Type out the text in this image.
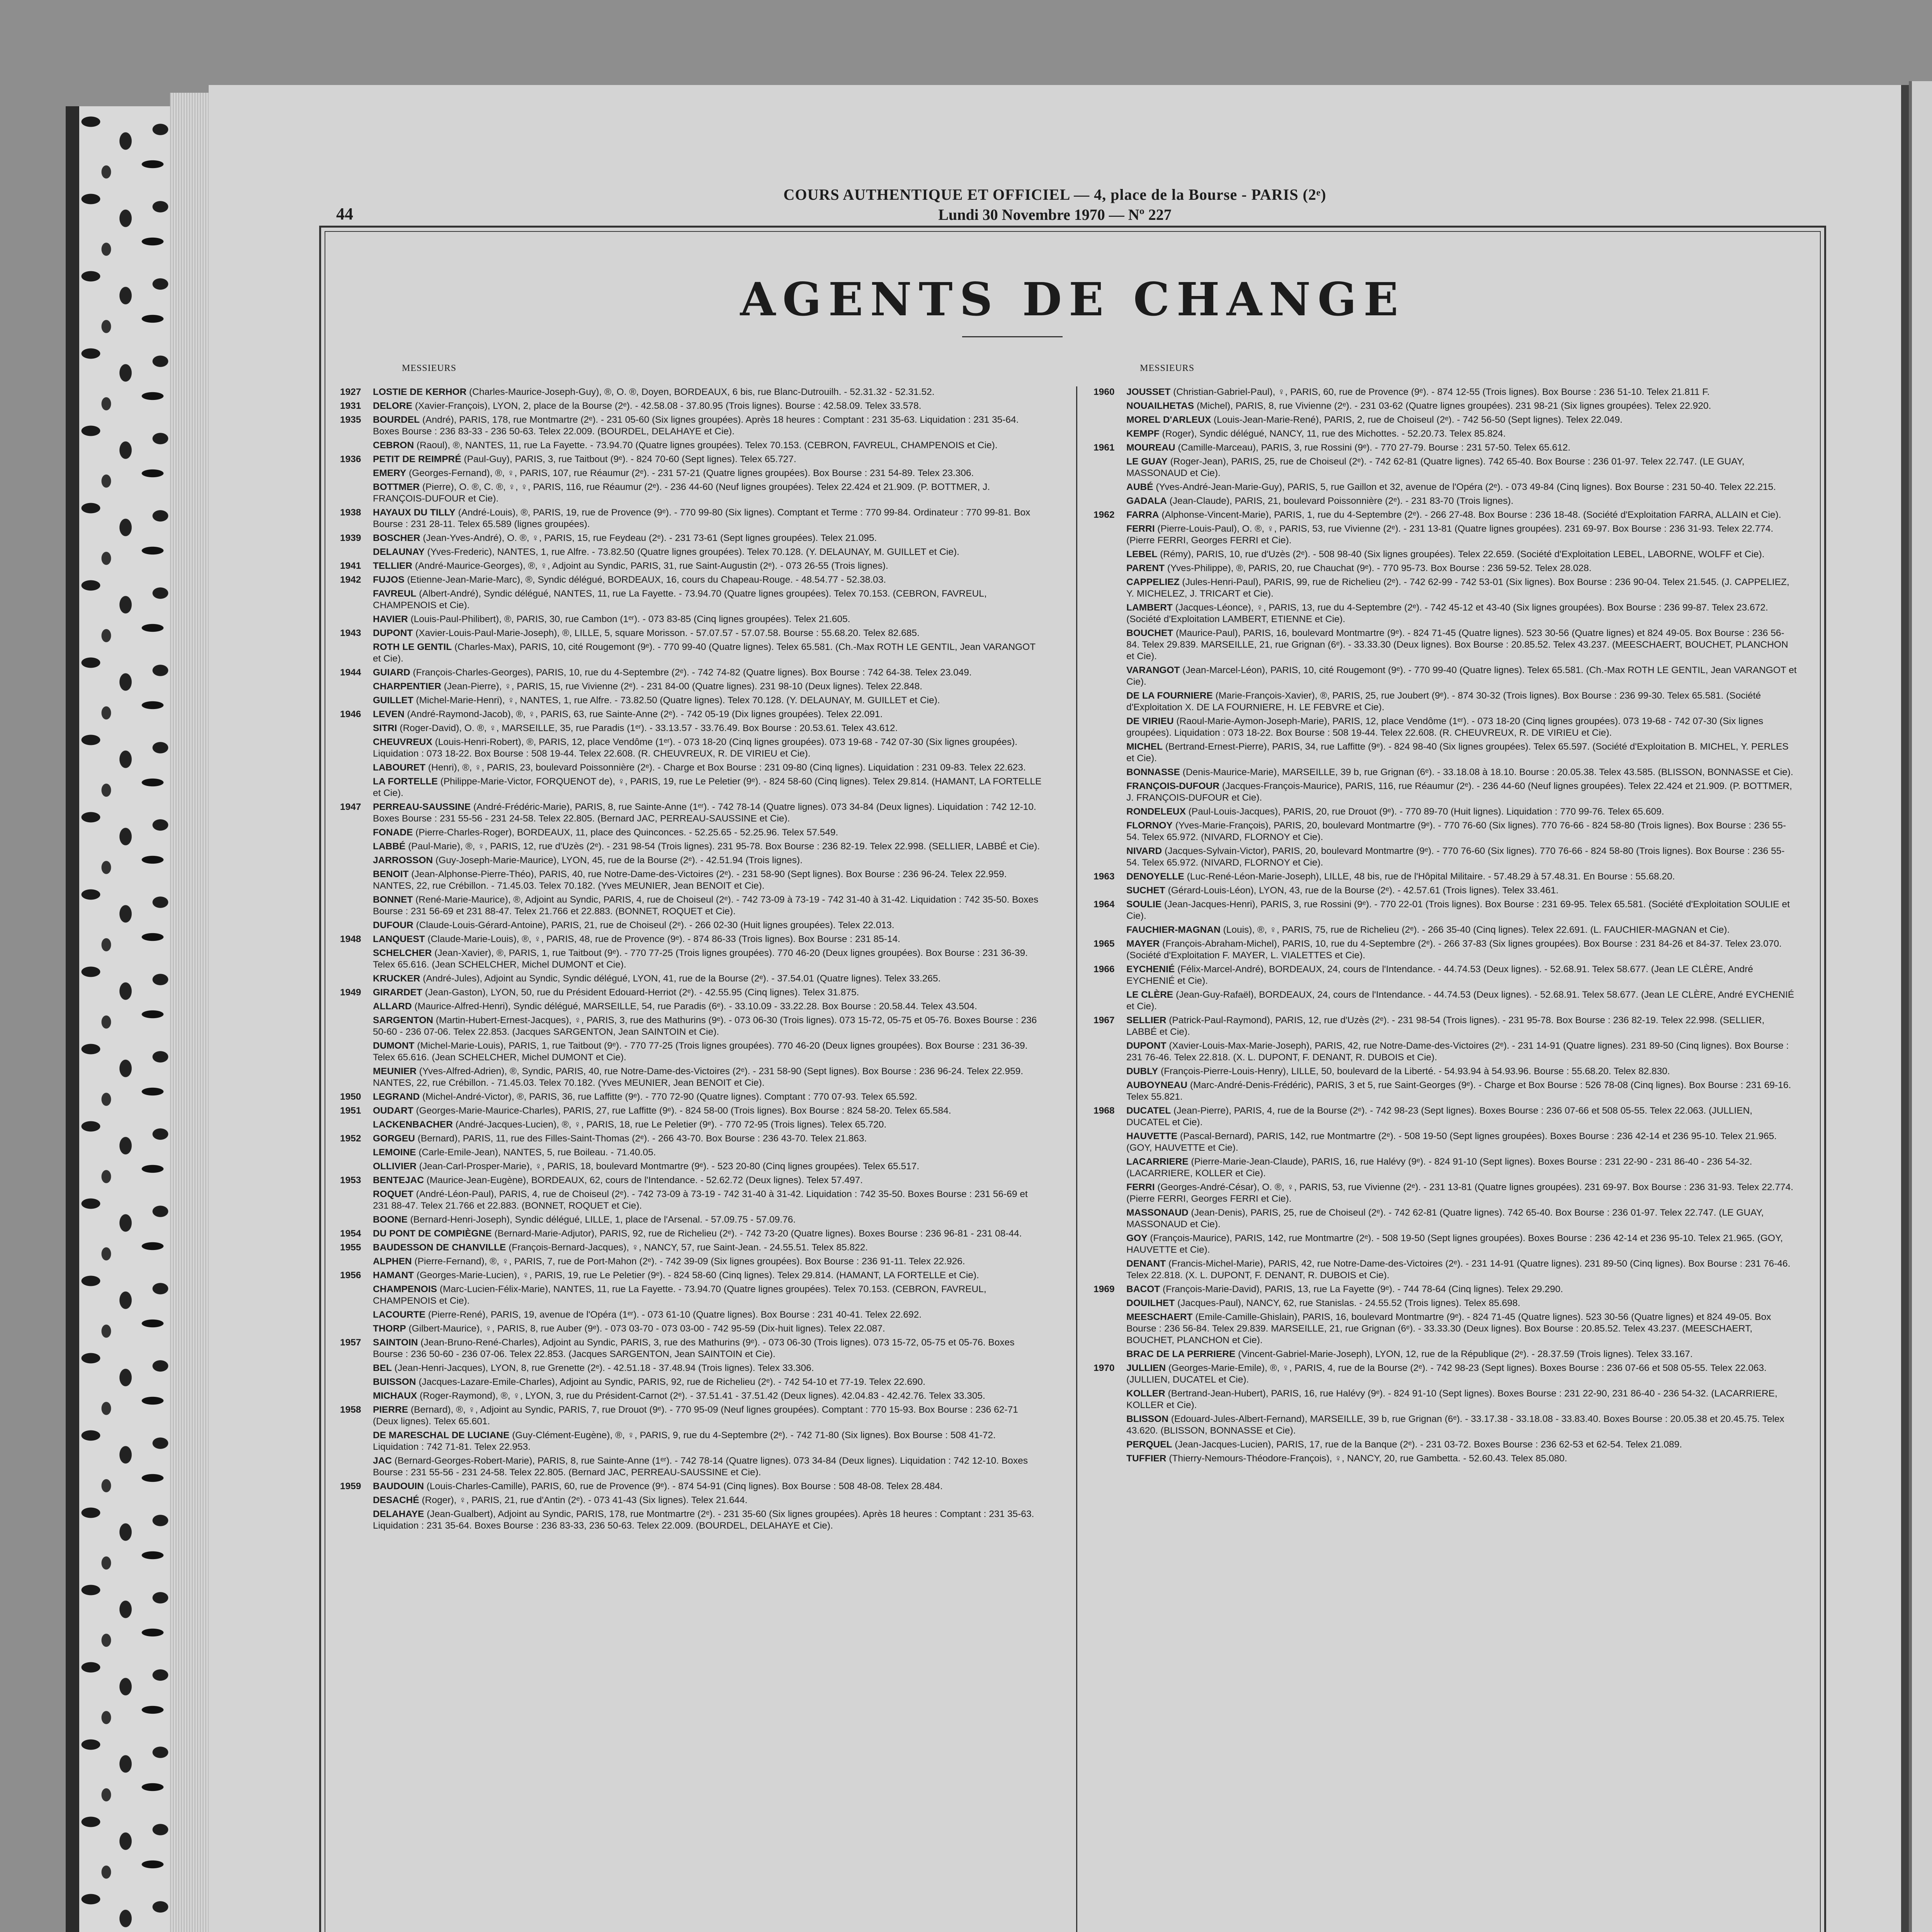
COURS AUTHENTIQUE ET OFFICIEL — 4, place de la Bourse - PARIS (2ᵉ)
Lundi 30 Novembre 1970 — Nº 227
44
AGENTS DE CHANGE
MESSIEURS	MESSIEURS
1927 LOSTIE DE KERHOR (Charles-Maurice-Joseph-Guy), ®, O. ®, Doyen, BORDEAUX, 6 bis, rue Blanc-Dutrouilh. - 52.31.32 - 52.31.52.
1931 DELORE (Xavier-François), LYON, 2, place de la Bourse (2ᵉ). - 42.58.08 - 37.80.95 (Trois lignes). Bourse : 42.58.09. Telex 33.578.
1935 BOURDEL (André), PARIS, 178, rue Montmartre (2ᵉ). - 231 05-60 (Six lignes groupées). Après 18 heures : Comptant : 231 35-63. Liquidation : 231 35-64. Boxes Bourse : 236 83-33 - 236 50-63. Telex 22.009. (BOURDEL, DELAHAYE et Cie).
CEBRON (Raoul), ®, NANTES, 11, rue La Fayette. - 73.94.70 (Quatre lignes groupées). Telex 70.153. (CEBRON, FAVREUL, CHAMPENOIS et Cie).
1936 PETIT DE REIMPRÉ (Paul-Guy), PARIS, 3, rue Taitbout (9ᵉ). - 824 70-60 (Sept lignes). Telex 65.727.
EMERY (Georges-Fernand), ®, ♀, PARIS, 107, rue Réaumur (2ᵉ). - 231 57-21 (Quatre lignes groupées). Box Bourse : 231 54-89. Telex 23.306.
BOTTMER (Pierre), O. ®, C. ®, ♀, ♀, PARIS, 116, rue Réaumur (2ᵉ). - 236 44-60 (Neuf lignes groupées). Telex 22.424 et 21.909. (P. BOTTMER, J. FRANÇOIS-DUFOUR et Cie).
1938 HAYAUX DU TILLY (André-Louis), ®, PARIS, 19, rue de Provence (9ᵉ). - 770 99-80 (Six lignes). Comptant et Terme : 770 99-84. Ordinateur : 770 99-81. Box Bourse : 231 28-11. Telex 65.589 (lignes groupées).
1939 BOSCHER (Jean-Yves-André), O. ®, ♀, PARIS, 15, rue Feydeau (2ᵉ). - 231 73-61 (Sept lignes groupées). Telex 21.095.
DELAUNAY (Yves-Frederic), NANTES, 1, rue Alfre. - 73.82.50 (Quatre lignes groupées). Telex 70.128. (Y. DELAUNAY, M. GUILLET et Cie).
1941 TELLIER (André-Maurice-Georges), ®, ♀, Adjoint au Syndic, PARIS, 31, rue Saint-Augustin (2ᵉ). - 073 26-55 (Trois lignes).
1942 FUJOS (Etienne-Jean-Marie-Marc), ®, Syndic délégué, BORDEAUX, 16, cours du Chapeau-Rouge. - 48.54.77 - 52.38.03.
FAVREUL (Albert-André), Syndic délégué, NANTES, 11, rue La Fayette. - 73.94.70 (Quatre lignes groupées). Telex 70.153. (CEBRON, FAVREUL, CHAMPENOIS et Cie).
HAVIER (Louis-Paul-Philibert), ®, PARIS, 30, rue Cambon (1ᵉʳ). - 073 83-85 (Cinq lignes groupées). Telex 21.605.
1943 DUPONT (Xavier-Louis-Paul-Marie-Joseph), ®, LILLE, 5, square Morisson. - 57.07.57 - 57.07.58. Bourse : 55.68.20. Telex 82.685.
ROTH LE GENTIL (Charles-Max), PARIS, 10, cité Rougemont (9ᵉ). - 770 99-40 (Quatre lignes). Telex 65.581. (Ch.-Max ROTH LE GENTIL, Jean VARANGOT et Cie).
1944 GUIARD (François-Charles-Georges), PARIS, 10, rue du 4-Septembre (2ᵉ). - 742 74-82 (Quatre lignes). Box Bourse : 742 64-38. Telex 23.049.
CHARPENTIER (Jean-Pierre), ♀, PARIS, 15, rue Vivienne (2ᵉ). - 231 84-00 (Quatre lignes). 231 98-10 (Deux lignes). Telex 22.848.
GUILLET (Michel-Marie-Henri), ♀, NANTES, 1, rue Alfre. - 73.82.50 (Quatre lignes). Telex 70.128. (Y. DELAUNAY, M. GUILLET et Cie).
1946 LEVEN (André-Raymond-Jacob), ®, ♀, PARIS, 63, rue Sainte-Anne (2ᵉ). - 742 05-19 (Dix lignes groupées). Telex 22.091.
SITRI (Roger-David), O. ®, ♀, MARSEILLE, 35, rue Paradis (1ᵉʳ). - 33.13.57 - 33.76.49. Box Bourse : 20.53.61. Telex 43.612.
CHEUVREUX (Louis-Henri-Robert), ®, PARIS, 12, place Vendôme (1ᵉʳ). - 073 18-20 (Cinq lignes groupées). 073 19-68 - 742 07-30 (Six lignes groupées). Liquidation : 073 18-22. Box Bourse : 508 19-44. Telex 22.608. (R. CHEUVREUX, R. DE VIRIEU et Cie).
LABOURET (Henri), ®, ♀, PARIS, 23, boulevard Poissonnière (2ᵉ). - Charge et Box Bourse : 231 09-80 (Cinq lignes). Liquidation : 231 09-83. Telex 22.623.
LA FORTELLE (Philippe-Marie-Victor, FORQUENOT de), ♀, PARIS, 19, rue Le Peletier (9ᵉ). - 824 58-60 (Cinq lignes). Telex 29.814. (HAMANT, LA FORTELLE et Cie).
1947 PERREAU-SAUSSINE (André-Frédéric-Marie), PARIS, 8, rue Sainte-Anne (1ᵉʳ). - 742 78-14 (Quatre lignes). 073 34-84 (Deux lignes). Liquidation : 742 12-10. Boxes Bourse : 231 55-56 - 231 24-58. Telex 22.805. (Bernard JAC, PERREAU-SAUSSINE et Cie).
FONADE (Pierre-Charles-Roger), BORDEAUX, 11, place des Quinconces. - 52.25.65 - 52.25.96. Telex 57.549.
LABBÉ (Paul-Marie), ®, ♀, PARIS, 12, rue d'Uzès (2ᵉ). - 231 98-54 (Trois lignes). 231 95-78. Box Bourse : 236 82-19. Telex 22.998. (SELLIER, LABBÉ et Cie).
JARROSSON (Guy-Joseph-Marie-Maurice), LYON, 45, rue de la Bourse (2ᵉ). - 42.51.94 (Trois lignes).
BENOIT (Jean-Alphonse-Pierre-Théo), PARIS, 40, rue Notre-Dame-des-Victoires (2ᵉ). - 231 58-90 (Sept lignes). Box Bourse : 236 96-24. Telex 22.959. NANTES, 22, rue Crébillon. - 71.45.03. Telex 70.182. (Yves MEUNIER, Jean BENOIT et Cie).
BONNET (René-Marie-Maurice), ®, Adjoint au Syndic, PARIS, 4, rue de Choiseul (2ᵉ). - 742 73-09 à 73-19 - 742 31-40 à 31-42. Liquidation : 742 35-50. Boxes Bourse : 231 56-69 et 231 88-47. Telex 21.766 et 22.883. (BONNET, ROQUET et Cie).
DUFOUR (Claude-Louis-Gérard-Antoine), PARIS, 21, rue de Choiseul (2ᵉ). - 266 02-30 (Huit lignes groupées). Telex 22.013.
1948 LANQUEST (Claude-Marie-Louis), ®, ♀, PARIS, 48, rue de Provence (9ᵉ). - 874 86-33 (Trois lignes). Box Bourse : 231 85-14.
SCHELCHER (Jean-Xavier), ®, PARIS, 1, rue Taitbout (9ᵉ). - 770 77-25 (Trois lignes groupées). 770 46-20 (Deux lignes groupées). Box Bourse : 231 36-39. Telex 65.616. (Jean SCHELCHER, Michel DUMONT et Cie).
KRUCKER (André-Jules), Adjoint au Syndic, Syndic délégué, LYON, 41, rue de la Bourse (2ᵉ). - 37.54.01 (Quatre lignes). Telex 33.265.
1949 GIRARDET (Jean-Gaston), LYON, 50, rue du Président Edouard-Herriot (2ᵉ). - 42.55.95 (Cinq lignes). Telex 31.875.
ALLARD (Maurice-Alfred-Henri), Syndic délégué, MARSEILLE, 54, rue Paradis (6ᵉ). - 33.10.09 - 33.22.28. Box Bourse : 20.58.44. Telex 43.504.
SARGENTON (Martin-Hubert-Ernest-Jacques), ♀, PARIS, 3, rue des Mathurins (9ᵉ). - 073 06-30 (Trois lignes). 073 15-72, 05-75 et 05-76. Boxes Bourse : 236 50-60 - 236 07-06. Telex 22.853. (Jacques SARGENTON, Jean SAINTOIN et Cie).
DUMONT (Michel-Marie-Louis), PARIS, 1, rue Taitbout (9ᵉ). - 770 77-25 (Trois lignes groupées). 770 46-20 (Deux lignes groupées). Box Bourse : 231 36-39. Telex 65.616. (Jean SCHELCHER, Michel DUMONT et Cie).
MEUNIER (Yves-Alfred-Adrien), ®, Syndic, PARIS, 40, rue Notre-Dame-des-Victoires (2ᵉ). - 231 58-90 (Sept lignes). Box Bourse : 236 96-24. Telex 22.959. NANTES, 22, rue Crébillon. - 71.45.03. Telex 70.182. (Yves MEUNIER, Jean BENOIT et Cie).
1950 LEGRAND (Michel-André-Victor), ®, PARIS, 36, rue Laffitte (9ᵉ). - 770 72-90 (Quatre lignes). Comptant : 770 07-93. Telex 65.592.
1951 OUDART (Georges-Marie-Maurice-Charles), PARIS, 27, rue Laffitte (9ᵉ). - 824 58-00 (Trois lignes). Box Bourse : 824 58-20. Telex 65.584.
LACKENBACHER (André-Jacques-Lucien), ®, ♀, PARIS, 18, rue Le Peletier (9ᵉ). - 770 72-95 (Trois lignes). Telex 65.720.
1952 GORGEU (Bernard), PARIS, 11, rue des Filles-Saint-Thomas (2ᵉ). - 266 43-70. Box Bourse : 236 43-70. Telex 21.863.
LEMOINE (Carle-Emile-Jean), NANTES, 5, rue Boileau. - 71.40.05.
OLLIVIER (Jean-Carl-Prosper-Marie), ♀, PARIS, 18, boulevard Montmartre (9ᵉ). - 523 20-80 (Cinq lignes groupées). Telex 65.517.
1953 BENTEJAC (Maurice-Jean-Eugène), BORDEAUX, 62, cours de l'Intendance. - 52.62.72 (Deux lignes). Telex 57.497.
ROQUET (André-Léon-Paul), PARIS, 4, rue de Choiseul (2ᵉ). - 742 73-09 à 73-19 - 742 31-40 à 31-42. Liquidation : 742 35-50. Boxes Bourse : 231 56-69 et 231 88-47. Telex 21.766 et 22.883. (BONNET, ROQUET et Cie).
BOONE (Bernard-Henri-Joseph), Syndic délégué, LILLE, 1, place de l'Arsenal. - 57.09.75 - 57.09.76.
1954 DU PONT DE COMPIÈGNE (Bernard-Marie-Adjutor), PARIS, 92, rue de Richelieu (2ᵉ). - 742 73-20 (Quatre lignes). Boxes Bourse : 236 96-81 - 231 08-44.
1955 BAUDESSON DE CHANVILLE (François-Bernard-Jacques), ♀, NANCY, 57, rue Saint-Jean. - 24.55.51. Telex 85.822.
ALPHEN (Pierre-Fernand), ®, ♀, PARIS, 7, rue de Port-Mahon (2ᵉ). - 742 39-09 (Six lignes groupées). Box Bourse : 236 91-11. Telex 22.926.
1956 HAMANT (Georges-Marie-Lucien), ♀, PARIS, 19, rue Le Peletier (9ᵉ). - 824 58-60 (Cinq lignes). Telex 29.814. (HAMANT, LA FORTELLE et Cie).
CHAMPENOIS (Marc-Lucien-Félix-Marie), NANTES, 11, rue La Fayette. - 73.94.70 (Quatre lignes groupées). Telex 70.153. (CEBRON, FAVREUL, CHAMPENOIS et Cie).
LACOURTE (Pierre-René), PARIS, 19, avenue de l'Opéra (1ᵉʳ). - 073 61-10 (Quatre lignes). Box Bourse : 231 40-41. Telex 22.692.
THORP (Gilbert-Maurice), ♀, PARIS, 8, rue Auber (9ᵉ). - 073 03-70 - 073 03-00 - 742 95-59 (Dix-huit lignes). Telex 22.087.
1957 SAINTOIN (Jean-Bruno-René-Charles), Adjoint au Syndic, PARIS, 3, rue des Mathurins (9ᵉ). - 073 06-30 (Trois lignes). 073 15-72, 05-75 et 05-76. Boxes Bourse : 236 50-60 - 236 07-06. Telex 22.853. (Jacques SARGENTON, Jean SAINTOIN et Cie).
BEL (Jean-Henri-Jacques), LYON, 8, rue Grenette (2ᵉ). - 42.51.18 - 37.48.94 (Trois lignes). Telex 33.306.
BUISSON (Jacques-Lazare-Emile-Charles), Adjoint au Syndic, PARIS, 92, rue de Richelieu (2ᵉ). - 742 54-10 et 77-19. Telex 22.690.
MICHAUX (Roger-Raymond), ®, ♀, LYON, 3, rue du Président-Carnot (2ᵉ). - 37.51.41 - 37.51.42 (Deux lignes). 42.04.83 - 42.42.76. Telex 33.305.
1958 PIERRE (Bernard), ®, ♀, Adjoint au Syndic, PARIS, 7, rue Drouot (9ᵉ). - 770 95-09 (Neuf lignes groupées). Comptant : 770 15-93. Box Bourse : 236 62-71 (Deux lignes). Telex 65.601.
DE MARESCHAL DE LUCIANE (Guy-Clément-Eugène), ®, ♀, PARIS, 9, rue du 4-Septembre (2ᵉ). - 742 71-80 (Six lignes). Box Bourse : 508 41-72. Liquidation : 742 71-81. Telex 22.953.
JAC (Bernard-Georges-Robert-Marie), PARIS, 8, rue Sainte-Anne (1ᵉʳ). - 742 78-14 (Quatre lignes). 073 34-84 (Deux lignes). Liquidation : 742 12-10. Boxes Bourse : 231 55-56 - 231 24-58. Telex 22.805. (Bernard JAC, PERREAU-SAUSSINE et Cie).
1959 BAUDOUIN (Louis-Charles-Camille), PARIS, 60, rue de Provence (9ᵉ). - 874 54-91 (Cinq lignes). Box Bourse : 508 48-08. Telex 28.484.
DESACHÉ (Roger), ♀, PARIS, 21, rue d'Antin (2ᵉ). - 073 41-43 (Six lignes). Telex 21.644.
DELAHAYE (Jean-Gualbert), Adjoint au Syndic, PARIS, 178, rue Montmartre (2ᵉ). - 231 35-60 (Six lignes groupées). Après 18 heures : Comptant : 231 35-63. Liquidation : 231 35-64. Boxes Bourse : 236 83-33, 236 50-63. Telex 22.009. (BOURDEL, DELAHAYE et Cie).
1960 JOUSSET (Christian-Gabriel-Paul), ♀, PARIS, 60, rue de Provence (9ᵉ). - 874 12-55 (Trois lignes). Box Bourse : 236 51-10. Telex 21.811 F.
NOUAILHETAS (Michel), PARIS, 8, rue Vivienne (2ᵉ). - 231 03-62 (Quatre lignes groupées). 231 98-21 (Six lignes groupées). Telex 22.920.
MOREL D'ARLEUX (Louis-Jean-Marie-René), PARIS, 2, rue de Choiseul (2ᵉ). - 742 56-50 (Sept lignes). Telex 22.049.
KEMPF (Roger), Syndic délégué, NANCY, 11, rue des Michottes. - 52.20.73. Telex 85.824.
1961 MOUREAU (Camille-Marceau), PARIS, 3, rue Rossini (9ᵉ). - 770 27-79. Bourse : 231 57-50. Telex 65.612.
LE GUAY (Roger-Jean), PARIS, 25, rue de Choiseul (2ᵉ). - 742 62-81 (Quatre lignes). 742 65-40. Box Bourse : 236 01-97. Telex 22.747. (LE GUAY, MASSONAUD et Cie).
AUBÉ (Yves-André-Jean-Marie-Guy), PARIS, 5, rue Gaillon et 32, avenue de l'Opéra (2ᵉ). - 073 49-84 (Cinq lignes). Box Bourse : 231 50-40. Telex 22.215.
GADALA (Jean-Claude), PARIS, 21, boulevard Poissonnière (2ᵉ). - 231 83-70 (Trois lignes).
1962 FARRA (Alphonse-Vincent-Marie), PARIS, 1, rue du 4-Septembre (2ᵉ). - 266 27-48. Box Bourse : 236 18-48. (Société d'Exploitation FARRA, ALLAIN et Cie).
FERRI (Pierre-Louis-Paul), O. ®, ♀, PARIS, 53, rue Vivienne (2ᵉ). - 231 13-81 (Quatre lignes groupées). 231 69-97. Box Bourse : 236 31-93. Telex 22.774. (Pierre FERRI, Georges FERRI et Cie).
LEBEL (Rémy), PARIS, 10, rue d'Uzès (2ᵉ). - 508 98-40 (Six lignes groupées). Telex 22.659. (Société d'Exploitation LEBEL, LABORNE, WOLFF et Cie).
PARENT (Yves-Philippe), ®, PARIS, 20, rue Chauchat (9ᵉ). - 770 95-73. Box Bourse : 236 59-52. Telex 28.028.
CAPPELIEZ (Jules-Henri-Paul), PARIS, 99, rue de Richelieu (2ᵉ). - 742 62-99 - 742 53-01 (Six lignes). Box Bourse : 236 90-04. Telex 21.545. (J. CAPPELIEZ, Y. MICHELEZ, J. TRICART et Cie).
LAMBERT (Jacques-Léonce), ♀, PARIS, 13, rue du 4-Septembre (2ᵉ). - 742 45-12 et 43-40 (Six lignes groupées). Box Bourse : 236 99-87. Telex 23.672. (Société d'Exploitation LAMBERT, ETIENNE et Cie).
BOUCHET (Maurice-Paul), PARIS, 16, boulevard Montmartre (9ᵉ). - 824 71-45 (Quatre lignes). 523 30-56 (Quatre lignes) et 824 49-05. Box Bourse : 236 56-84. Telex 29.839. MARSEILLE, 21, rue Grignan (6ᵉ). - 33.33.30 (Deux lignes). Box Bourse : 20.85.52. Telex 43.237. (MEESCHAERT, BOUCHET, PLANCHON et Cie).
VARANGOT (Jean-Marcel-Léon), PARIS, 10, cité Rougemont (9ᵉ). - 770 99-40 (Quatre lignes). Telex 65.581. (Ch.-Max ROTH LE GENTIL, Jean VARANGOT et Cie).
DE LA FOURNIERE (Marie-François-Xavier), ®, PARIS, 25, rue Joubert (9ᵉ). - 874 30-32 (Trois lignes). Box Bourse : 236 99-30. Telex 65.581. (Société d'Exploitation X. DE LA FOURNIERE, H. LE FEBVRE et Cie).
DE VIRIEU (Raoul-Marie-Aymon-Joseph-Marie), PARIS, 12, place Vendôme (1ᵉʳ). - 073 18-20 (Cinq lignes groupées). 073 19-68 - 742 07-30 (Six lignes groupées). Liquidation : 073 18-22. Box Bourse : 508 19-44. Telex 22.608. (R. CHEUVREUX, R. DE VIRIEU et Cie).
MICHEL (Bertrand-Ernest-Pierre), PARIS, 34, rue Laffitte (9ᵉ). - 824 98-40 (Six lignes groupées). Telex 65.597. (Société d'Exploitation B. MICHEL, Y. PERLES et Cie).
BONNASSE (Denis-Maurice-Marie), MARSEILLE, 39 b, rue Grignan (6ᵉ). - 33.18.08 à 18.10. Bourse : 20.05.38. Telex 43.585. (BLISSON, BONNASSE et Cie).
FRANÇOIS-DUFOUR (Jacques-François-Maurice), PARIS, 116, rue Réaumur (2ᵉ). - 236 44-60 (Neuf lignes groupées). Telex 22.424 et 21.909. (P. BOTTMER, J. FRANÇOIS-DUFOUR et Cie).
RONDELEUX (Paul-Louis-Jacques), PARIS, 20, rue Drouot (9ᵉ). - 770 89-70 (Huit lignes). Liquidation : 770 99-76. Telex 65.609.
FLORNOY (Yves-Marie-François), PARIS, 20, boulevard Montmartre (9ᵉ). - 770 76-60 (Six lignes). 770 76-66 - 824 58-80 (Trois lignes). Box Bourse : 236 55-54. Telex 65.972. (NIVARD, FLORNOY et Cie).
NIVARD (Jacques-Sylvain-Victor), PARIS, 20, boulevard Montmartre (9ᵉ). - 770 76-60 (Six lignes). 770 76-66 - 824 58-80 (Trois lignes). Box Bourse : 236 55-54. Telex 65.972. (NIVARD, FLORNOY et Cie).
1963 DENOYELLE (Luc-René-Léon-Marie-Joseph), LILLE, 48 bis, rue de l'Hôpital Militaire. - 57.48.29 à 57.48.31. En Bourse : 55.68.20.
SUCHET (Gérard-Louis-Léon), LYON, 43, rue de la Bourse (2ᵉ). - 42.57.61 (Trois lignes). Telex 33.461.
1964 SOULIE (Jean-Jacques-Henri), PARIS, 3, rue Rossini (9ᵉ). - 770 22-01 (Trois lignes). Box Bourse : 231 69-95. Telex 65.581. (Société d'Exploitation SOULIE et Cie).
FAUCHIER-MAGNAN (Louis), ®, ♀, PARIS, 75, rue de Richelieu (2ᵉ). - 266 35-40 (Cinq lignes). Telex 22.691. (L. FAUCHIER-MAGNAN et Cie).
1965 MAYER (François-Abraham-Michel), PARIS, 10, rue du 4-Septembre (2ᵉ). - 266 37-83 (Six lignes groupées). Box Bourse : 231 84-26 et 84-37. Telex 23.070. (Société d'Exploitation F. MAYER, L. VIALETTES et Cie).
1966 EYCHENIÉ (Félix-Marcel-André), BORDEAUX, 24, cours de l'Intendance. - 44.74.53 (Deux lignes). - 52.68.91. Telex 58.677. (Jean LE CLÈRE, André EYCHENIÉ et Cie).
LE CLÈRE (Jean-Guy-Rafaël), BORDEAUX, 24, cours de l'Intendance. - 44.74.53 (Deux lignes). - 52.68.91. Telex 58.677. (Jean LE CLÈRE, André EYCHENIÉ et Cie).
1967 SELLIER (Patrick-Paul-Raymond), PARIS, 12, rue d'Uzès (2ᵉ). - 231 98-54 (Trois lignes). - 231 95-78. Box Bourse : 236 82-19. Telex 22.998. (SELLIER, LABBÉ et Cie).
DUPONT (Xavier-Louis-Max-Marie-Joseph), PARIS, 42, rue Notre-Dame-des-Victoires (2ᵉ). - 231 14-91 (Quatre lignes). 231 89-50 (Cinq lignes). Box Bourse : 231 76-46. Telex 22.818. (X. L. DUPONT, F. DENANT, R. DUBOIS et Cie).
DUBLY (François-Pierre-Louis-Henry), LILLE, 50, boulevard de la Liberté. - 54.93.94 à 54.93.96. Bourse : 55.68.20. Telex 82.830.
AUBOYNEAU (Marc-André-Denis-Frédéric), PARIS, 3 et 5, rue Saint-Georges (9ᵉ). - Charge et Box Bourse : 526 78-08 (Cinq lignes). Box Bourse : 231 69-16. Telex 55.821.
1968 DUCATEL (Jean-Pierre), PARIS, 4, rue de la Bourse (2ᵉ). - 742 98-23 (Sept lignes). Boxes Bourse : 236 07-66 et 508 05-55. Telex 22.063. (JULLIEN, DUCATEL et Cie).
HAUVETTE (Pascal-Bernard), PARIS, 142, rue Montmartre (2ᵉ). - 508 19-50 (Sept lignes groupées). Boxes Bourse : 236 42-14 et 236 95-10. Telex 21.965. (GOY, HAUVETTE et Cie).
LACARRIERE (Pierre-Marie-Jean-Claude), PARIS, 16, rue Halévy (9ᵉ). - 824 91-10 (Sept lignes). Boxes Bourse : 231 22-90 - 231 86-40 - 236 54-32. (LACARRIERE, KOLLER et Cie).
FERRI (Georges-André-César), O. ®, ♀, PARIS, 53, rue Vivienne (2ᵉ). - 231 13-81 (Quatre lignes groupées). 231 69-97. Box Bourse : 236 31-93. Telex 22.774. (Pierre FERRI, Georges FERRI et Cie).
MASSONAUD (Jean-Denis), PARIS, 25, rue de Choiseul (2ᵉ). - 742 62-81 (Quatre lignes). 742 65-40. Box Bourse : 236 01-97. Telex 22.747. (LE GUAY, MASSONAUD et Cie).
GOY (François-Maurice), PARIS, 142, rue Montmartre (2ᵉ). - 508 19-50 (Sept lignes groupées). Boxes Bourse : 236 42-14 et 236 95-10. Telex 21.965. (GOY, HAUVETTE et Cie).
DENANT (Francis-Michel-Marie), PARIS, 42, rue Notre-Dame-des-Victoires (2ᵉ). - 231 14-91 (Quatre lignes). 231 89-50 (Cinq lignes). Box Bourse : 231 76-46. Telex 22.818. (X. L. DUPONT, F. DENANT, R. DUBOIS et Cie).
1969 BACOT (François-Marie-David), PARIS, 13, rue La Fayette (9ᵉ). - 744 78-64 (Cinq lignes). Telex 29.290.
DOUILHET (Jacques-Paul), NANCY, 62, rue Stanislas. - 24.55.52 (Trois lignes). Telex 85.698.
MEESCHAERT (Emile-Camille-Ghislain), PARIS, 16, boulevard Montmartre (9ᵉ). - 824 71-45 (Quatre lignes). 523 30-56 (Quatre lignes) et 824 49-05. Box Bourse : 236 56-84. Telex 29.839. MARSEILLE, 21, rue Grignan (6ᵉ). - 33.33.30 (Deux lignes). Box Bourse : 20.85.52. Telex 43.237. (MEESCHAERT, BOUCHET, PLANCHON et Cie).
BRAC DE LA PERRIERE (Vincent-Gabriel-Marie-Joseph), LYON, 12, rue de la République (2ᵉ). - 28.37.59 (Trois lignes). Telex 33.167.
1970 JULLIEN (Georges-Marie-Emile), ®, ♀, PARIS, 4, rue de la Bourse (2ᵉ). - 742 98-23 (Sept lignes). Boxes Bourse : 236 07-66 et 508 05-55. Telex 22.063. (JULLIEN, DUCATEL et Cie).
KOLLER (Bertrand-Jean-Hubert), PARIS, 16, rue Halévy (9ᵉ). - 824 91-10 (Sept lignes). Boxes Bourse : 231 22-90, 231 86-40 - 236 54-32. (LACARRIERE, KOLLER et Cie).
BLISSON (Edouard-Jules-Albert-Fernand), MARSEILLE, 39 b, rue Grignan (6ᵉ). - 33.17.38 - 33.18.08 - 33.83.40. Boxes Bourse : 20.05.38 et 20.45.75. Telex 43.620. (BLISSON, BONNASSE et Cie).
PERQUEL (Jean-Jacques-Lucien), PARIS, 17, rue de la Banque (2ᵉ). - 231 03-72. Boxes Bourse : 236 62-53 et 62-54. Telex 21.089.
TUFFIER (Thierry-Nemours-Théodore-François), ♀, NANCY, 20, rue Gambetta. - 52.60.43. Telex 85.080.
